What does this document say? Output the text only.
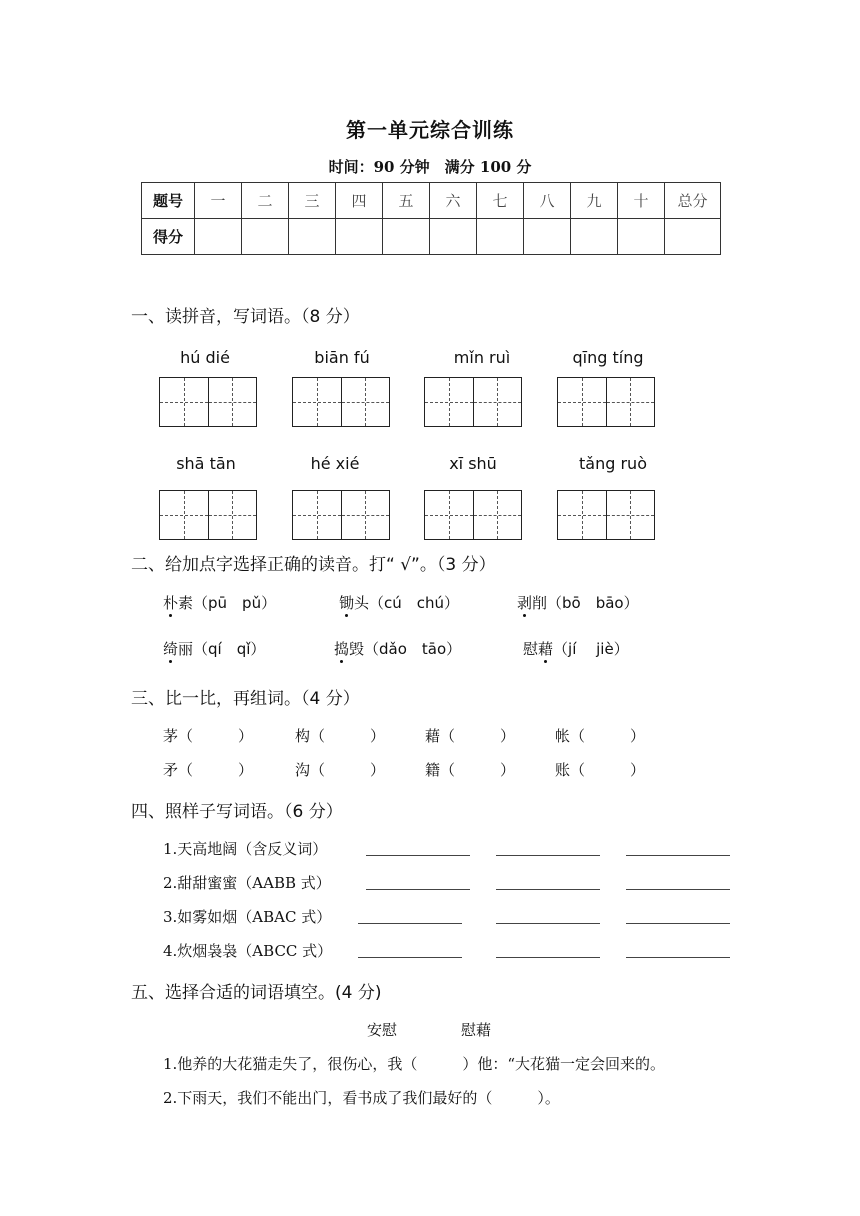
第一单元综合训练
时间：90 分钟　满分 100 分
题号	一	二	三	四	五	六	七	八	九	十	总分
得分											
一、读拼音，写词语。（8 分）
hú dié	biān fú	mǐn ruì	qīng tíng
shā tān	hé xié	xī shū	tǎng ruò
二、给加点字选择正确的读音。打“ √”。（3 分）
朴素（pū　pǔ）	锄头（cú　chú）	剥削（bō　bāo）
绮丽（qí　qǐ）	捣毁（dǎo　tāo）	慰藉（jí　 jiè）
三、比一比，再组词。（4 分）
茅（　　　）	构（　　　）	藉（　　　）	帐（　　　）
矛（　　　）	沟（　　　）	籍（　　　）	账（　　　）
四、照样子写词语。（6 分）
1.天高地阔（含反义词）
2.甜甜蜜蜜（AABB 式）
3.如雾如烟（ABAC 式）
4.炊烟袅袅（ABCC 式）
五、选择合适的词语填空。(4 分)
安慰	慰藉
1.他养的大花猫走失了，很伤心，我（　　　）他：“大花猫一定会回来的。
2.下雨天，我们不能出门，看书成了我们最好的（　　　）。
